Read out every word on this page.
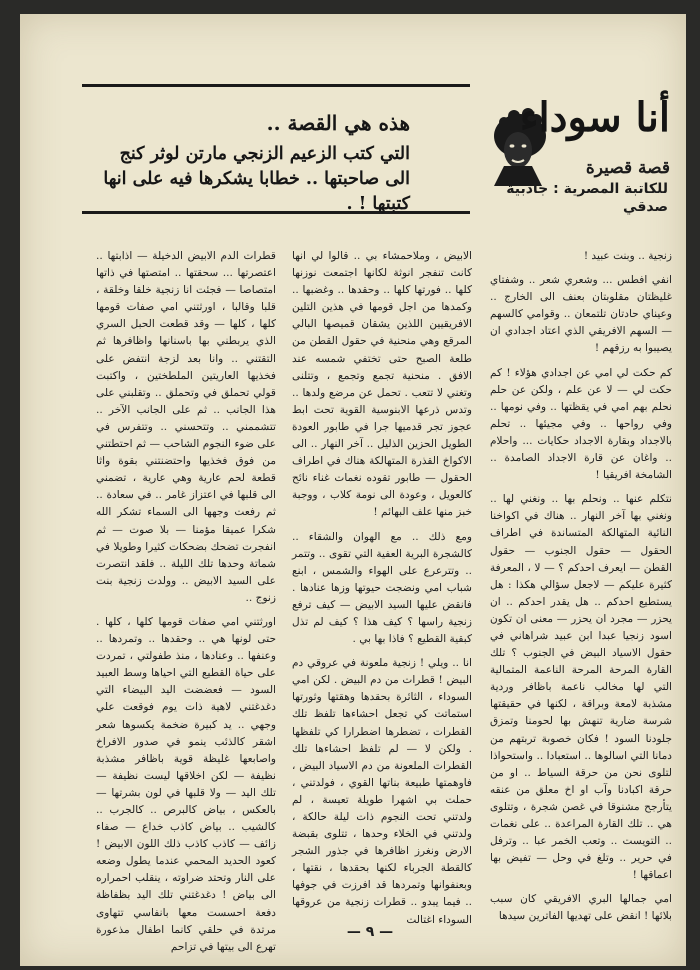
هذه هي القصة ..
التي كتب الزعيم الزنجي مارتن لوثر كنج الى صاحبتها .. خطابا يشكرها فيه على انها كتبتها ! .
أنا سوداء
قصة قصيرة
للكاتبة المصرية : جاذبية صدقي

زنجية .. وبنت عبيد !

انفي افطس ... وشعري شعر .. وشفتاي غليظتان مقلوبتان بعنف الى الخارج .. وعيناي حادتان تلتمعان .. وقوامي كالسهم — السهم الافريقي الذي اعتاد اجدادي ان يصيبوا به رزقهم !

كم حكت لي امي عن اجدادي هؤلاء ! كم حكت لي — لا عن علم ، ولكن عن حلم نحلم بهم امي في يقظتها .. وفي نومها .. وفي رواحها .. وفي مجيئها .. تحلم بالاجداد وبقارة الاجداد حكايات ... واحلام .. واغان عن قارة الاجداد الصامدة .. الشامخة افريقيا !

نتكلم عنها .. ونحلم بها .. ونغني لها .. ونغني بها آخر النهار .. هناك في اكواخنا النائية المتهالكة المتساندة في اطراف الحقول — حقول الجنوب — حقول القطن — ايعرف احدكم ؟ — لا ، المعرفة كثيرة عليكم — لاجعل سؤالي هكذا : هل يستطيع احدكم .. هل يقدر احدكم .. ان يحزر — مجرد ان يحزر — معنى ان تكون اسود زنجيا عبدا ابن عبيد شراهاني في حقول الاسياد البيض في الجنوب ؟ تلك القارة المرحة المرحة الناعمة المتمالية التي لها مخالب ناعمة باظافر وردية مشذبة لامعة وبراقة ، لكنها في حقيقتها شرسة ضارية تنهش بها لحومنا وتمزق جلودنا السود ! فكان خصوبة تربتهم من دمانا التي اسالوها .. استعبادا .. واستحواذا لتلوى نحن من حرقة السياط .. او من حرقة اكبادنا وآب او اخ معلق من عنقه يتأرجح مشنوقا في غصن شجرة ، وتتلوى هي .. تلك القارة المراعدة .. على نغمات .. التويست .. وتعب الخمر عبا .. وترفل في حرير .. وتلغ في وحل — تفيض بها اعماقها !

امي جمالها البري الافريقي كان سبب بلائها ! انقض على تهديها الفاترين سيدها

الابيض ، وملاحمشاء بي .. قالوا لي انها كانت تنفجر انوثة لكانها اجتمعت نوزنها كلها .. فورتها كلها .. وحقدها .. وغضبها .. وكمدها من اجل قومها في هذين التلين الافريقيين اللذين يشقان قميصها البالي المرقع وهي منحنية في حقول القطن من طلعة الصبح حتى تختفي شمسه عند الافق . منحنية تجمع وتجمع ، وتتلنى وتغني لا تتعب . تحمل عن مرضع ولدها .. وتدس ذرعها الابنوسية القوية تحت ابط عجوز تجر قدميها جرا في طابور العودة الطويل الحزين الذليل .. آخر النهار .. الى الاكواخ القذرة المتهالكة هناك في اطراف الحقول — طابور تقوده نغمات غناء نائح كالعويل ، وعودة الى نومة كلاب ، ووجبة خبز منها علف البهائم !

ومع ذلك .. مع الهوان والشقاء .. كالشجرة البرية العفية التي تقوى .. وتتمر .. وتترعرع على الهواء والشمس ، ابنع شباب امي ونضجت حيوتها وزها عنادها . فانقض عليها السيد الابيض — كيف ترفع زنجية راسها ؟ كيف هذا ؟ كيف لم تذل كبقية القطيع ؟ فاذا بها بي .

انا .. ويلي ! زنجية ملعونة في عروقي دم البيض ! قطرات من دم البيض . لكن امي السوداء ، الثائرة بحقدها وهقتها وثورتها استماتت كي تجعل احشاءها تلفظ تلك القطرات ، تضطرها اضطرارا كي تلفظها . ولكن لا — لم تلفظ احشاءها تلك القطرات الملعونة من دم الاسياد البيض ، فاوهمتها طبيعة بناتها القوي ، فولدتني ، حملت بي اشهرا طويلة تعيسة ، لم ولدتني تحت النجوم ذات ليلة حالكة ، ولدتني في الخلاء وحدها ، تتلوى بقبضة الارض ونغرز اظافرها في جذور الشجر كالقطة الجرباء لكنها بحقدها ، نقتها ، وبعنفوانها وتمردها قد افرزت في جوفها .. فيما يبدو .. قطرات زنجية من عروقها السوداء اغتالت

قطرات الدم الابيض الدخيلة — اذابتها .. اعتصرتها ... سحقتها .. امتصتها في ذاتها امتصاصا — فجئت انا زنجية خلقا وخلقة ، قلبا وقالبا ، اورثتني امي صفات قومها كلها ، كلها — وقد قطعت الحبل السري الذي يربطني بها باسنانها واظافرها ثم التقتني .. وانا بعد لزجة انتفض على فخذيها العاريتين الملطختين ، واكتبت قولي تحملق في وتحملق .. وتقلبني على هذا الجانب .. ثم على الجانب الآخر .. تتشممني .. وتتحسني .. وتتفرس في على ضوء النجوم الشاحب — ثم احتطتني من فوق فخذيها واحتضنتني بقوة واثا قطعة لحم عارية وهي عارية ، تضمني الى قلبها في اعتزاز غامر .. في سعادة .. ثم رفعت وجهها الى السماء تشكر الله شكرا عميقا مؤمنا — بلا صوت — ثم انفجرت تضحك بضحكات كثيرا وطويلا في شماتة وحدها تلك الليلة .. فلقد انتصرت على السيد الابيض .. وولدت زنجية بنت زنوج ..

اورثتني امي صفات قومها كلها ، كلها . حتى لونها هي .. وحقدها .. وتمردها .. وعنفها .. وعنادها ، منذ طفولتي ، تمردت على حياة القطيع التي احياها وسط العبيد السود — فعضضت اليد البيضاء التي دغدغتني لاهية ذات يوم فوقعت علي وجهي .. يد كبيرة ضخمة يكسوها شعر اشقر كالذئب ينمو في صدور الافراخ واصابعها غليظة قوية باظافر مشذبة نظيفة — لكن اخلاقها ليست نظيفة — تلك اليد — ولا قلبها في لون بشرتها — بالعكس ، بياض كالبرص .. كالجرب .. كالشيب .. بياض كاذب خداع — صفاء زائف — كاذب كاذب ذلك اللون الابيض ! كعود الحديد المحمي عندما يطول وضعه على النار وتحتد ضراوته ، ينقلب احمراره الى بياض ! دغدغتني تلك اليد بظفاظة دفعة احسست معها بانفاسي تتهاوى مرتدة في حلقي كانما اطفال مذعورة تهرع الى بيتها في تزاحم

— ٩ —
